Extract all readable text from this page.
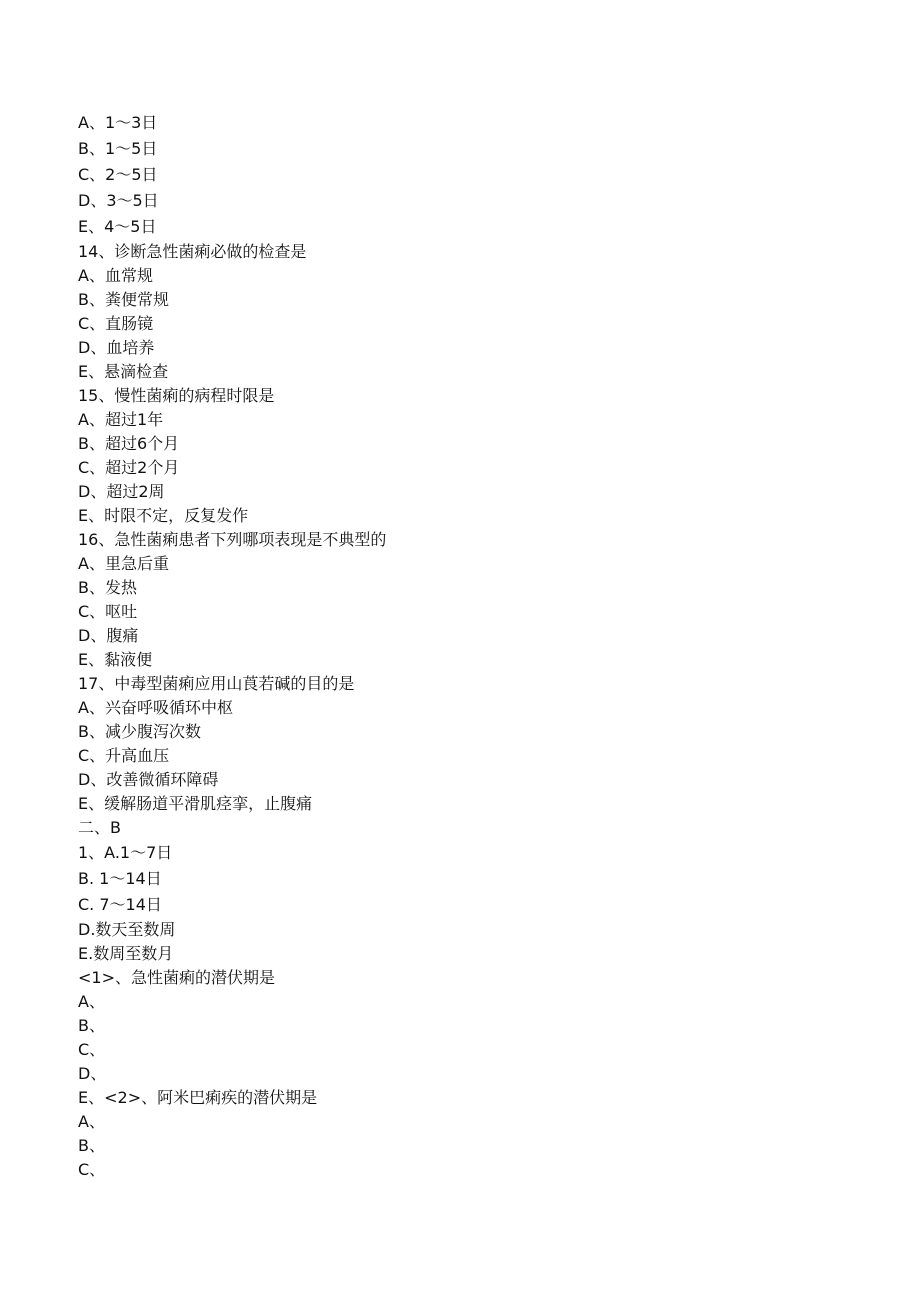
A、1～3日
B、1～5日
C、2～5日
D、3～5日
E、4～5日
14、诊断急性菌痢必做的检查是
A、血常规
B、粪便常规
C、直肠镜
D、血培养
E、悬滴检查
15、慢性菌痢的病程时限是
A、超过1年
B、超过6个月
C、超过2个月
D、超过2周
E、时限不定，反复发作
16、急性菌痢患者下列哪项表现是不典型的
A、里急后重
B、发热
C、呕吐
D、腹痛
E、黏液便
17、中毒型菌痢应用山莨若碱的目的是
A、兴奋呼吸循环中枢
B、减少腹泻次数
C、升高血压
D、改善微循环障碍
E、缓解肠道平滑肌痉挛，止腹痛
二、B
1、A.1～7日
B. 1～14日
C. 7～14日
D.数天至数周
E.数周至数月
<1>、急性菌痢的潜伏期是
A、
B、
C、
D、
E、<2>、阿米巴痢疾的潜伏期是
A、
B、
C、
